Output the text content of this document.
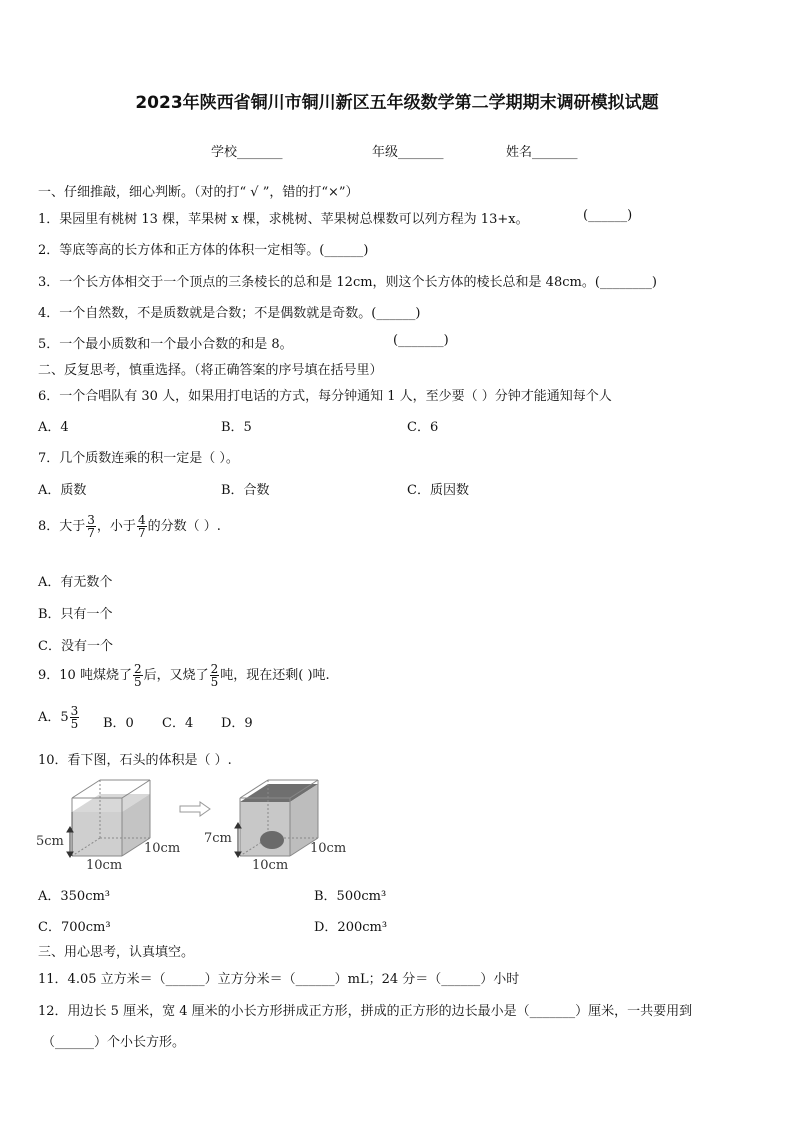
2023年陕西省铜川市铜川新区五年级数学第二学期期末调研模拟试题
学校_______	年级_______	姓名_______
一、仔细推敲，细心判断。（对的打“ √ ”，错的打“×”）
1．果园里有桃树 13 棵，苹果树 x 棵，求桃树、苹果树总棵数可以列方程为 13+x。	(______)
2．等底等高的长方体和正方体的体积一定相等。(______)
3．一个长方体相交于一个顶点的三条棱长的总和是 12cm，则这个长方体的棱长总和是 48cm。(________)
4．一个自然数，不是质数就是合数；不是偶数就是奇数。(______)
5．一个最小质数和一个最小合数的和是 8。	(_______)
二、反复思考，慎重选择。（将正确答案的序号填在括号里）
6．一个合唱队有 30 人，如果用打电话的方式，每分钟通知 1 人，至少要（ ）分钟才能通知每个人
A．4	B．5	C．6
7．几个质数连乘的积一定是（ ）。
A．质数	B．合数	C．质因数
8．大于 $\frac{3}{7}$ ，小于 $\frac{4}{7}$ 的分数（ ）.
A．有无数个
B．只有一个
C．没有一个
9．10 吨煤烧了 $\frac{2}{5}$ 后，又烧了 $\frac{2}{5}$ 吨，现在还剩( )吨.
A．$5 \frac{3}{5}$ B．0 C．4 D．9
10．看下图，石头的体积是（ ）.
5cm
10cm
10cm
7cm
10cm
10cm
A．350cm³	B．500cm³
C．700cm³	D．200cm³
三、用心思考，认真填空。
11．4.05 立方米＝（______）立方分米＝（______）mL；24 分＝（______）小时
12．用边长 5 厘米，宽 4 厘米的小长方形拼成正方形，拼成的正方形的边长最小是（_______）厘米，一共要用到
（______）个小长方形。
